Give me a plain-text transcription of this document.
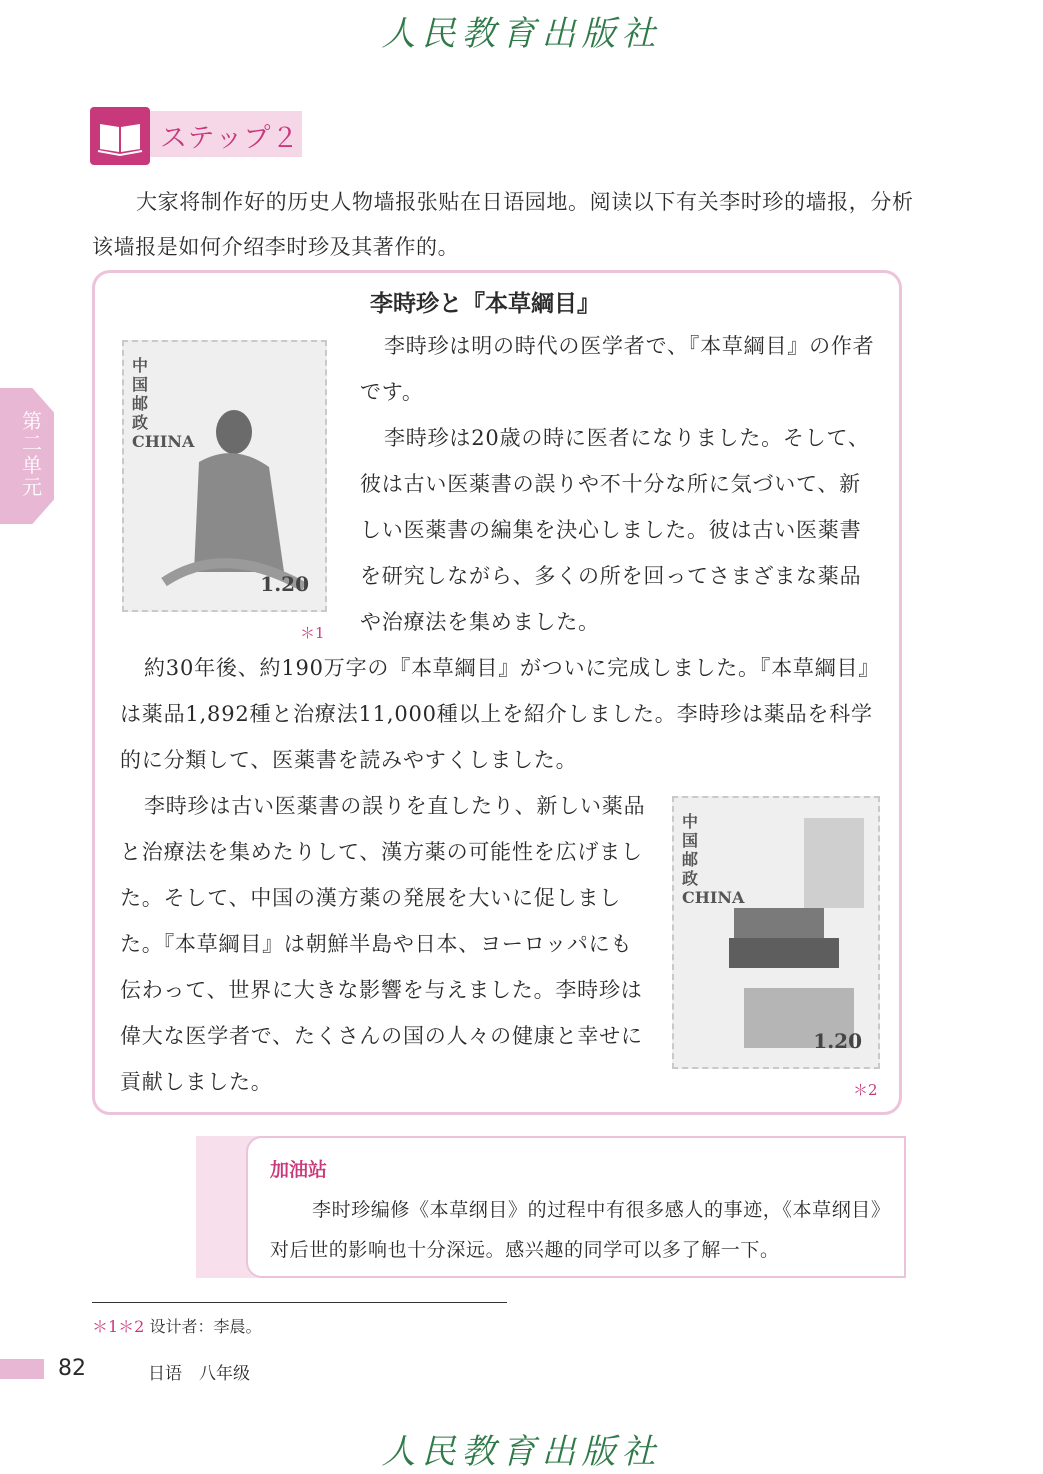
人民教育出版社
第二单元
ステップ２
大家将制作好的历史人物墙报张贴在日语园地。阅读以下有关李时珍的墙报，分析该墙报是如何介绍李时珍及其著作的。
李時珍と『本草綱目』
中国邮政 CHINA
1.20
＊1
李時珍は明の時代の医学者で、『本草綱目』の作者です。
李時珍は20歳の時に医者になりました。そして、彼は古い医薬書の誤りや不十分な所に気づいて、新しい医薬書の編集を決心しました。彼は古い医薬書を研究しながら、多くの所を回ってさまざまな薬品や治療法を集めました。
約30年後、約190万字の『本草綱目』がついに完成しました。『本草綱目』は薬品1,892種と治療法11,000種以上を紹介しました。李時珍は薬品を科学的に分類して、医薬書を読みやすくしました。
李時珍は古い医薬書の誤りを直したり、新しい薬品と治療法を集めたりして、漢方薬の可能性を広げました。そして、中国の漢方薬の発展を大いに促しました。『本草綱目』は朝鮮半島や日本、ヨーロッパにも伝わって、世界に大きな影響を与えました。李時珍は偉大な医学者で、たくさんの国の人々の健康と幸せに貢献しました。
中国邮政 CHINA
1.20
＊2
加油站
李时珍编修《本草纲目》的过程中有很多感人的事迹，《本草纲目》对后世的影响也十分深远。感兴趣的同学可以多了解一下。
＊1＊2 设计者：李晨。
82	日语　八年级
人民教育出版社
